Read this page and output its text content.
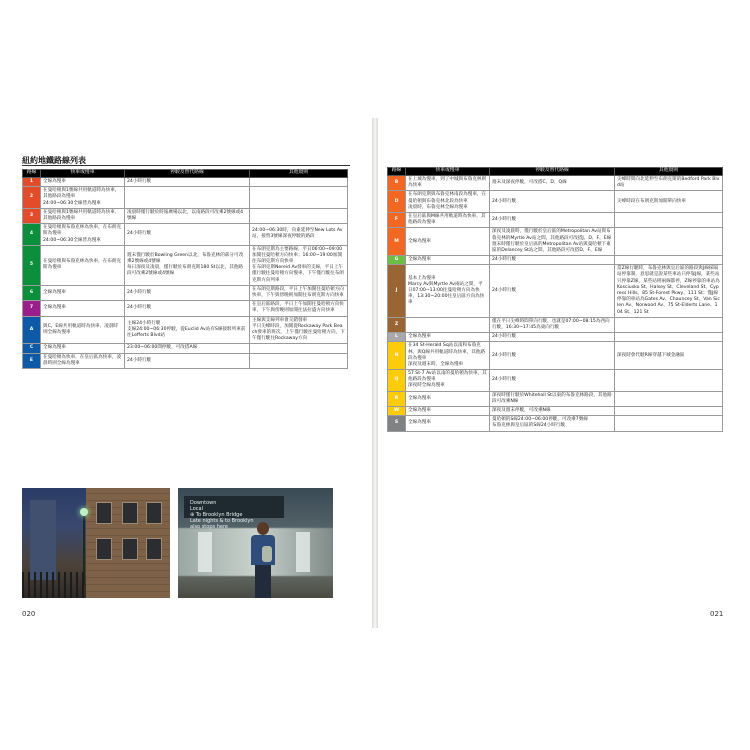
紐約地鐵路線列表
路線	快車或慢車	停駛及替代路線	其他規則
1	全線為慢車	24小時行駛	
2	在曼哈頓與1號線共用軌道時為快車，其他路段為慢車
24:00~06:30全線皆為慢車		
3	在曼哈頓與1號線共用軌道時為快車，其他路段為慢車	凌晨時僅行駛於時報廣場以北，以南路段可改乘2號線或4號線	
4	在曼哈頓與布魯克林為快車，在布朗克斯為慢車
24:00~06:30全線皆為慢車	24小時行駛	24:00~06:30時，向東延伸至New Lots Av站，接替3號線深夜停駛的路段
5	在曼哈頓與布魯克林為快車，在布朗克斯為慢車	週末僅行駛於Bowling Green以北，布魯克林的部分可改乘2號線或4號線
每日深夜及凌晨，僅行駛於布朗克斯180 St以北，其他路段可改乘2號線或4號線	在布朗克斯為主要路線，平日06:00~09:00加開往曼哈頓方向快車；16:00~19:00加開往布朗克斯方向快車
在布朗克斯Nereid Av發車的支線，平日上午僅行駛往曼哈頓方向慢車，下午僅行駛往布朗克斯方向列車
6	全線為慢車	24小時行駛	在布朗克斯路段，平日上午加開往曼哈頓方向快車，下午與傍晚則加開往布朗克斯方向快車
7	全線為慢車	24小時行駛	在皇后區路段，平日上午加開往曼哈頓方向快車，下午與傍晚則加開往法拉盛方向快車
A	與C、E線共用軌道時為快車，凌晨時則全線為慢車	主線24小時行駛
支線24:00~06:30停駛，從Euclid Av站有S線接駁列車前往Lefferts Blvd站	主線與支線列車會交錯發車
平日尖峰時段，加開從Rockaway Park Beach發車的班次，上午僅行駛往曼哈頓方向，下午僅行駛往Rockaway方向
C	全線為慢車	23:00~06:00間停駛，可改搭A線	
E	在曼哈頓為快車，在皇后區為快車，凌晨時則全線為慢車	24小時行駛	
Downtown
Local
⊕ To Brooklyn Bridge
Late nights & to Brooklyn
also stops here
020
路線	快車或慢車	停駛及替代路線	其他規則
B	在上城為慢車，到了中城與布魯克林則為快車	週末及深夜停駛，可改搭C、D、Q線	尖峰時間向北延伸至布朗克斯的Bedford Park Blvd站
D	在布朗克斯與布魯克林南段為慢車，在曼哈頓與布魯克林北段為快車
凌晨時，布魯克林全線為慢車	24小時行駛	尖峰時段在布朗克斯加開單向快車
F	在皇后區與M線共用軌道時為快車，其他路段為慢車	24小時行駛	
M	全線為慢車	深夜及凌晨時，僅行駛於皇后區的Metropolitan Av站與布魯克林的Myrtle Av站之間，其他路段可改搭J、D、F、E線
週末時僅行駛於皇后區的Metropolitan Av站與曼哈頓下東區的Delancey St站之間，其他路段可改搭D、F、E線	
G	全線為慢車	24小時行駛	
J	基本上為慢車
Marcy Av與Myrtle Av兩站之間，平日07:00~13:00往曼哈頓方向為快車，13:30~20:00往皇后區方向為快車	24小時行駛	當Z線行駛時，布魯克林與皇后區的路段與J線採隔站停靠制，意思就是說某些車站只停靠J線，某些站只停靠Z線，某些站則兩線都停，Z線停靠的車站為Kosciusko St、Halsey St、Cleveland St、Cypress Hills、85 St-Forest Pkwy、111 St；僅J線停靠的車站為Gates Av、Chauncey St、Van Siclen Av、Norwood Av、75 St-Elderts Lane、104 St、121 St
Z		僅在平日尖峰時間單向行駛，也就是07:00~08:15為西向行駛，16:30~17:45為東向行駛	
L	全線為慢車	24小時行駛	
N	在34 St-Herald Sq站以南和布魯克林，與Q線共用軌道時為快車，其他路段為慢車
深夜及週末時，全線為慢車	24小時行駛	深夜時會代駛R線穿越下城金融區
Q	57 St-7 Av站以南的曼哈頓為快車，其他路段為慢車
深夜時全線為慢車	24小時行駛	
R	全線為慢車	深夜時僅行駛於Whitehall St以東的布魯克林路段，其他路段可改乘N線	
W	全線為慢車	深夜及週末停駛，可改乘N線	
S	全線為慢車	曼哈頓的S線24:00~06:00停駛，可改乘7號線
布魯克林與皇后區的S線24小時行駛	
021
